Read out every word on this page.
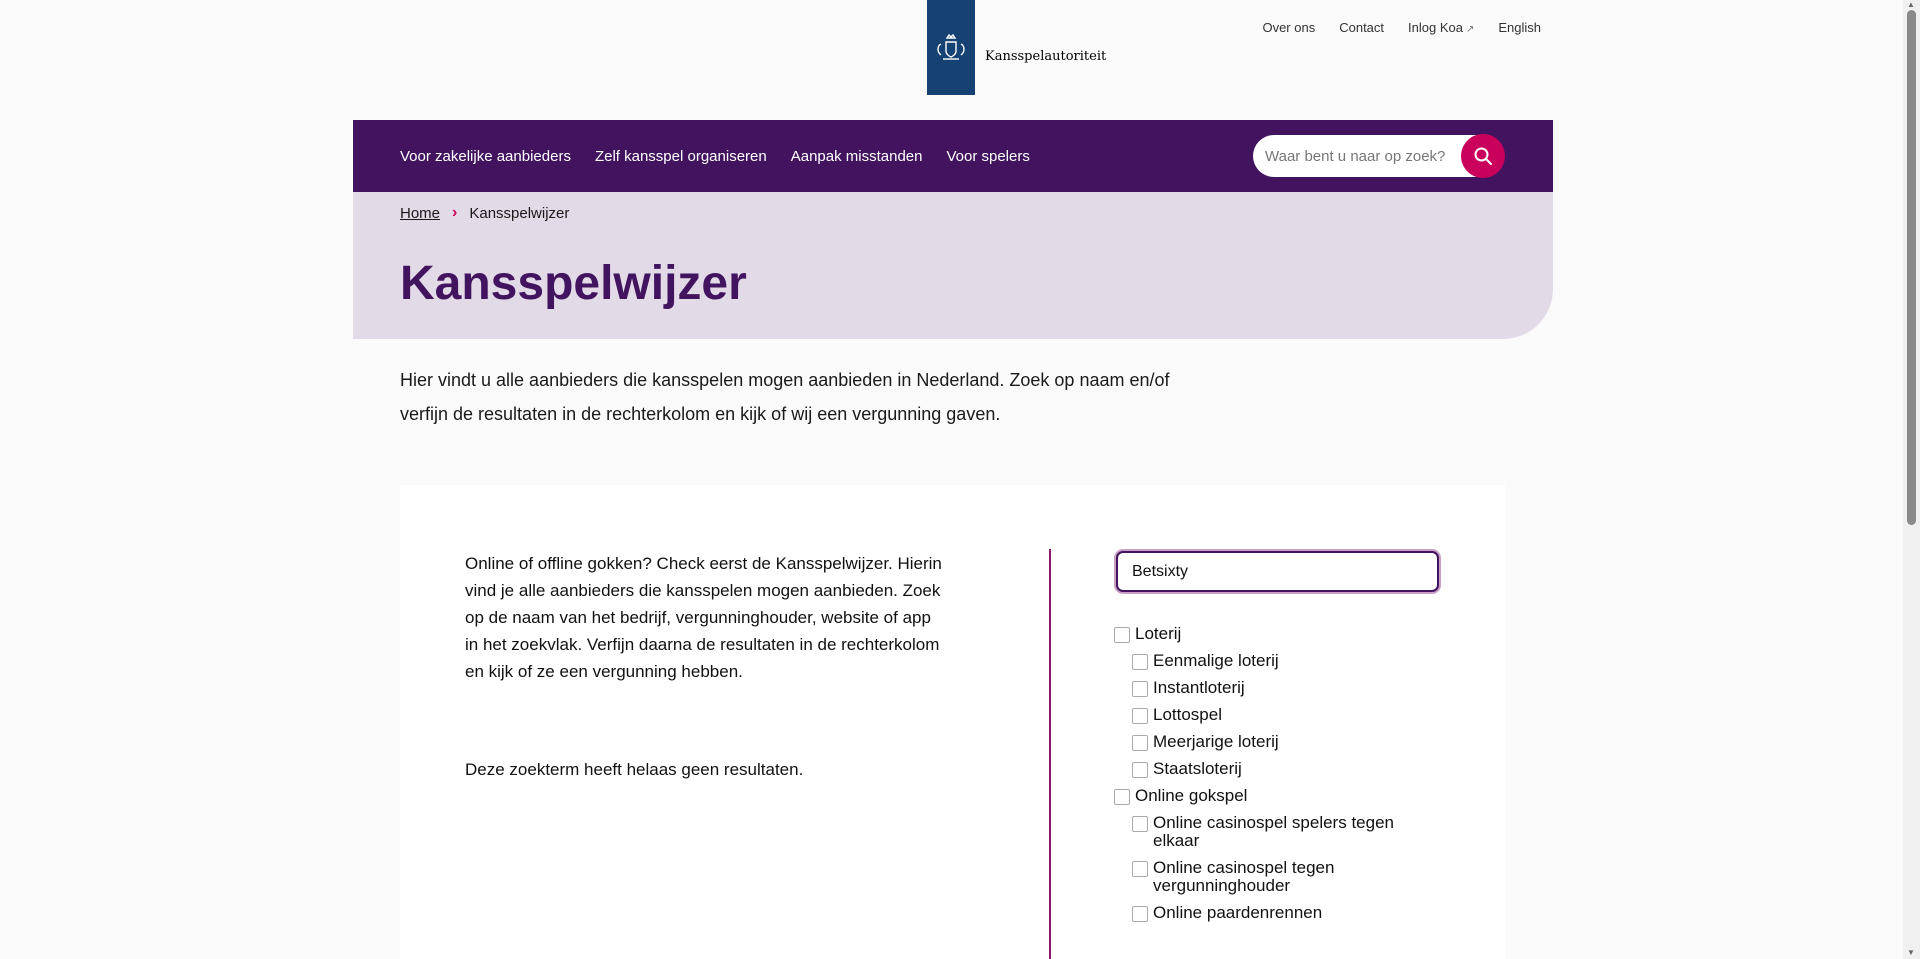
Kansspelautoriteit
Over ons Contact Inlog Koa ↗ English
Voor zakelijke aanbieders Zelf kansspel organiseren Aanpak misstanden Voor spelers
Waar bent u naar op zoek?
Home › Kansspelwijzer
Kansspelwijzer

Hier vindt u alle aanbieders die kansspelen mogen aanbieden in Nederland. Zoek op naam en/of verfijn de resultaten in de rechterkolom en kijk of wij een vergunning gaven.

Online of offline gokken? Check eerst de Kansspelwijzer. Hierin vind je alle aanbieders die kansspelen mogen aanbieden. Zoek op de naam van het bedrijf, vergunninghouder, website of app in het zoekvlak. Verfijn daarna de resultaten in de rechterkolom en kijk of ze een vergunning hebben.

Deze zoekterm heeft helaas geen resultaten.

Betsixty
Loterij
Eenmalige loterij
Instantloterij
Lottospel
Meerjarige loterij
Staatsloterij
Online gokspel
Online casinospel spelers tegen elkaar
Online casinospel tegen vergunninghouder
Online paardenrennen
▲
▼
